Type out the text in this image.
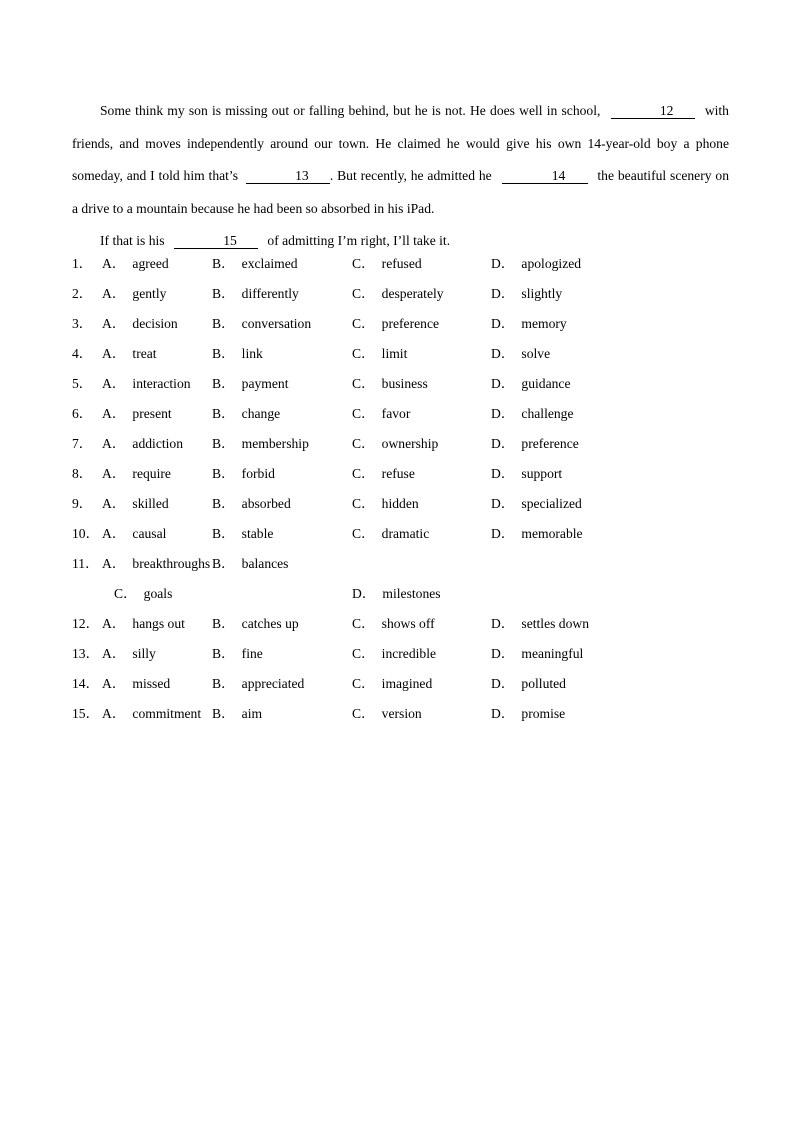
Some think my son is missing out or falling behind, but he is not. He does well in school,	12 with friends, and moves independently around our town. He claimed he would give his own 14-year-old boy a phone someday, and I told him that’s	13 . But recently, he admitted he	14 the beautiful scenery on a drive to a mountain because he had been so absorbed in his iPad.

If that is his	15 of admitting I’m right, I’ll take it.

1． A． agreed	B． exclaimed	C． refused	D． apologized
2． A． gently	B． differently	C． desperately	D． slightly
3． A． decision	B． conversation	C． preference	D． memory
4． A． treat	B． link	C． limit	D． solve
5． A． interaction B． payment	C． business	D． guidance
6． A． present	B． change	C． favor	D． challenge
7． A． addiction B． membership	C． ownership	D． preference
8． A． require	B． forbid	C． refuse	D． support
9． A． skilled	B． absorbed	C． hidden	D． specialized
10． A． causal	B． stable	C． dramatic	D． memorable
11． A． breakthroughs B． balances
C． goals	D． milestones
12． A． hangs out B． catches up	C． shows off	D． settles down
13． A． silly	B． fine	C． incredible	D． meaningful
14． A． missed	B． appreciated	C． imagined	D． polluted
15． A． commitment B． aim	C． version	D． promise
